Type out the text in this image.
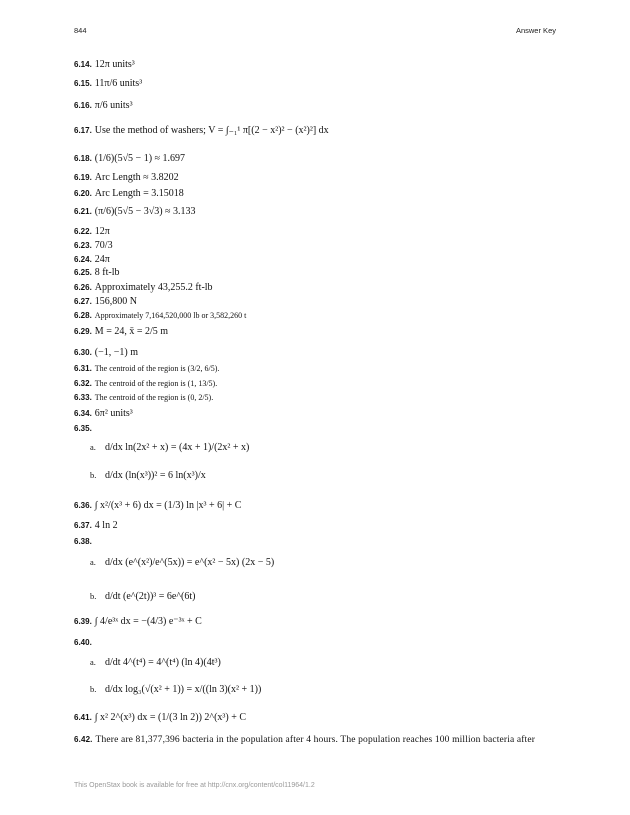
844	Answer Key
6.14. 12π units³
6.15. 11π/6 units³
6.16. π/6 units³
6.17. Use the method of washers; V = ∫₋₁¹ π[(2 − x²)² − (x²)²] dx
6.18. (1/6)(5√5 − 1) ≈ 1.697
6.19. Arc Length ≈ 3.8202
6.20. Arc Length = 3.15018
6.21. (π/6)(5√5 − 3√3) ≈ 3.133
6.22. 12π
6.23. 70/3
6.24. 24π
6.25. 8 ft-lb
6.26. Approximately 43,255.2 ft-lb
6.27. 156,800 N
6.28. Approximately 7,164,520,000 lb or 3,582,260 t
6.29. M = 24, x̄ = 2/5 m
6.30. (−1, −1) m
6.31. The centroid of the region is (3/2, 6/5).
6.32. The centroid of the region is (1, 13/5).
6.33. The centroid of the region is (0, 2/5).
6.34. 6π² units³
6.35.
a. d/dx ln(2x² + x) = (4x + 1)/(2x² + x)
b. d/dx (ln(x³))² = 6 ln(x³)/x
6.36. ∫ x²/(x³ + 6) dx = (1/3) ln |x³ + 6| + C
6.37. 4 ln 2
6.38.
a. d/dx (e^(x²)/e^(5x)) = e^(x² − 5x) (2x − 5)
b. d/dt (e^(2t))³ = 6e^(6t)
6.39. ∫ 4/e³ˣ dx = −(4/3) e⁻³ˣ + C
6.40.
a. d/dt 4^(t⁴) = 4^(t⁴) (ln 4)(4t³)
b. d/dx log₃(√(x² + 1)) = x/((ln 3)(x² + 1))
6.41. ∫ x² 2^(x³) dx = (1/(3 ln 2)) 2^(x³) + C
6.42. There are 81,377,396 bacteria in the population after 4 hours. The population reaches 100 million bacteria after
This OpenStax book is available for free at http://cnx.org/content/col11964/1.2
